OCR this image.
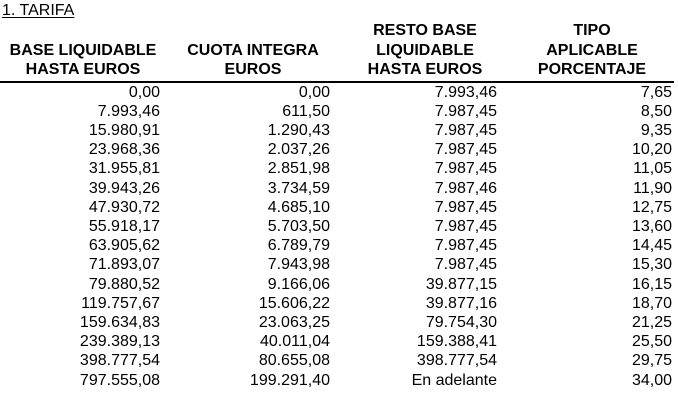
1. TARIFA
BASE LIQUIDABLE HASTA EUROS	CUOTA INTEGRA EUROS	RESTO BASE LIQUIDABLE HASTA EUROS	TIPO APLICABLE PORCENTAJE
0,00	0,00	7.993,46	7,65
7.993,46	611,50	7.987,45	8,50
15.980,91	1.290,43	7.987,45	9,35
23.968,36	2.037,26	7.987,45	10,20
31.955,81	2.851,98	7.987,45	11,05
39.943,26	3.734,59	7.987,46	11,90
47.930,72	4.685,10	7.987,45	12,75
55.918,17	5.703,50	7.987,45	13,60
63.905,62	6.789,79	7.987,45	14,45
71.893,07	7.943,98	7.987,45	15,30
79.880,52	9.166,06	39.877,15	16,15
119.757,67	15.606,22	39.877,16	18,70
159.634,83	23.063,25	79.754,30	21,25
239.389,13	40.011,04	159.388,41	25,50
398.777,54	80.655,08	398.777,54	29,75
797.555,08	199.291,40	En adelante	34,00
